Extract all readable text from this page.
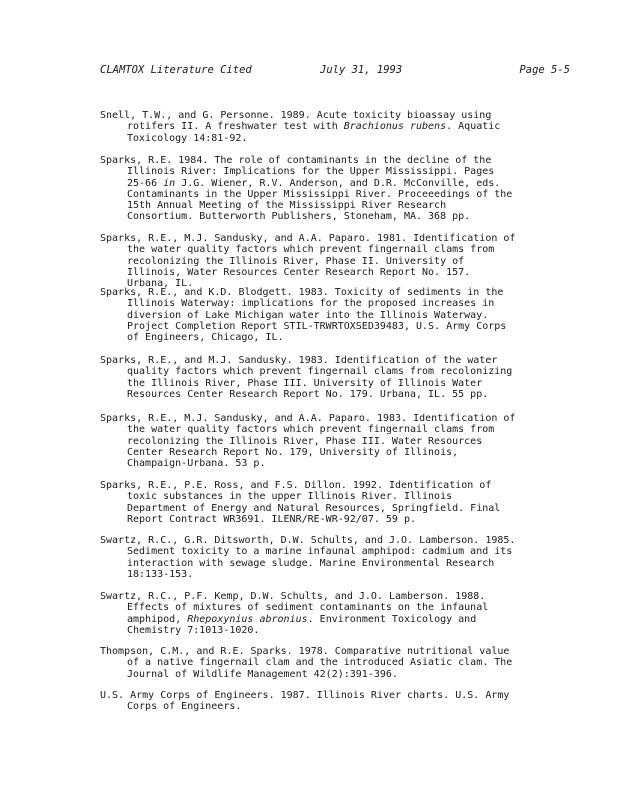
CLAMTOX Literature Cited	July 31, 1993	Page 5-5

Snell, T.W., and G. Personne. 1989. Acute toxicity bioassay using rotifers II. A freshwater test with Brachionus rubens. Aquatic Toxicology 14:81-92.

Sparks, R.E. 1984. The role of contaminants in the decline of the Illinois River: Implications for the Upper Mississippi. Pages 25-66 in J.G. Wiener, R.V. Anderson, and D.R. McConville, eds. Contaminants in the Upper Mississippi River. Proceeedings of the 15th Annual Meeting of the Mississippi River Research Consortium. Butterworth Publishers, Stoneham, MA. 368 pp.

Sparks, R.E., M.J. Sandusky, and A.A. Paparo. 1981. Identification of the water quality factors which prevent fingernail clams from recolonizing the Illinois River, Phase II. University of Illinois, Water Resources Center Research Report No. 157. Urbana, IL.

Sparks, R.E., and K.D. Blodgett. 1983. Toxicity of sediments in the Illinois Waterway: implications for the proposed increases in diversion of Lake Michigan water into the Illinois Waterway. Project Completion Report STIL-TRWRTOXSED39483, U.S. Army Corps of Engineers, Chicago, IL.

Sparks, R.E., and M.J. Sandusky. 1983. Identification of the water quality factors which prevent fingernail clams from recolonizing the Illinois River, Phase III. University of Illinois Water Resources Center Research Report No. 179. Urbana, IL. 55 pp.

Sparks, R.E., M.J. Sandusky, and A.A. Paparo. 1983. Identification of the water quality factors which prevent fingernail clams from recolonizing the Illinois River, Phase III. Water Resources Center Research Report No. 179, University of Illinois, Champaign-Urbana. 53 p.

Sparks, R.E., P.E. Ross, and F.S. Dillon. 1992. Identification of toxic substances in the upper Illinois River. Illinois Department of Energy and Natural Resources, Springfield. Final Report Contract WR3691. ILENR/RE-WR-92/07. 59 p.

Swartz, R.C., G.R. Ditsworth, D.W. Schults, and J.O. Lamberson. 1985. Sediment toxicity to a marine infaunal amphipod: cadmium and its interaction with sewage sludge. Marine Environmental Research 18:133-153.

Swartz, R.C., P.F. Kemp, D.W. Schults, and J.O. Lamberson. 1988. Effects of mixtures of sediment contaminants on the infaunal amphipod, Rhepoxynius abronius. Environment Toxicology and Chemistry 7:1013-1020.

Thompson, C.M., and R.E. Sparks. 1978. Comparative nutritional value of a native fingernail clam and the introduced Asiatic clam. The Journal of Wildlife Management 42(2):391-396.

U.S. Army Corps of Engineers. 1987. Illinois River charts. U.S. Army Corps of Engineers.
